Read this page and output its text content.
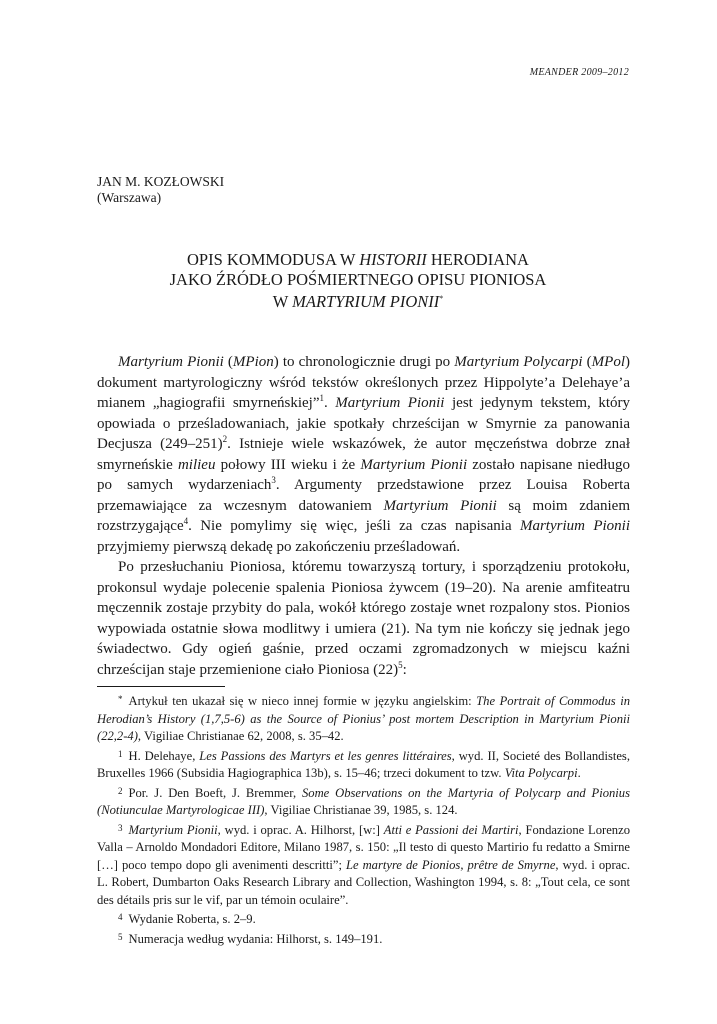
MEANDER 2009–2012
JAN M. KOZŁOWSKI
(Warszawa)
OPIS KOMMODUSA W HISTORII HERODIANA
JAKO ŹRÓDŁO POŚMIERTNEGO OPISU PIONIOSA
W MARTYRIUM PIONII*

Martyrium Pionii (MPion) to chronologicznie drugi po Martyrium Polycarpi (MPol) dokument martyrologiczny wśród tekstów określonych przez Hippolyte’a Delehaye’a mianem „hagiografii smyrneńskiej”$^1$. Martyrium Pionii jest jedynym tekstem, który opowiada o prześladowaniach, jakie spotkały chrześcijan w Smyrnie za panowania Decjusza $(249-251)^2$. Istnieje wiele wskazówek, że autor męczeństwa dobrze znał smyrneńskie milieu połowy III wieku i że Martyrium Pionii zostało napisane niedługo po samych wydarzeniach$^3$. Argumenty przedstawione przez Louisa Roberta przemawiające za wczesnym datowaniem Martyrium Pionii są moim zdaniem rozstrzygające$^4$. Nie pomylimy się więc, jeśli za czas napisania Martyrium Pionii przyjmiemy pierwszą dekadę po zakończeniu prześladowań.

Po przesłuchaniu Pioniosa, któremu towarzyszą tortury, i sporządzeniu protokołu, prokonsul wydaje polecenie spalenia Pioniosa żywcem (19–20). Na arenie amfiteatru męczennik zostaje przybity do pala, wokół którego zostaje wnet rozpalony stos. Pionios wypowiada ostatnie słowa modlitwy i umiera (21). Na tym nie kończy się jednak jego świadectwo. Gdy ogień gaśnie, przed oczami zgromadzonych w miejscu kaźni chrześcijan staje przemienione ciało Pioniosa $(22)^5$:

* Artykuł ten ukazał się w nieco innej formie w języku angielskim: The Portrait of Commodus in Herodian’s History (1,7,5-6) as the Source of Pionius’ post mortem Description in Martyrium Pionii (22,2-4), Vigiliae Christianae 62, 2008, s. 35–42.

$^1$ H. Delehaye, Les Passions des Martyrs et les genres littéraires, wyd. II, Societé des Bollandistes, Bruxelles 1966 (Subsidia Hagiographica 13b), s. 15–46; trzeci dokument to tzw. Vita Polycarpi.

$^2$ Por. J. Den Boeft, J. Bremmer, Some Observations on the Martyria of Polycarp and Pionius (Notiunculae Martyrologicae III), Vigiliae Christianae 39, 1985, s. 124.

$^3$ Martyrium Pionii, wyd. i oprac. A. Hilhorst, [w:] Atti e Passioni dei Martiri, Fondazione Lorenzo Valla – Arnoldo Mondadori Editore, Milano 1987, s. 150: „Il testo di questo Martirio fu redatto a Smirne […] poco tempo dopo gli avenimenti descritti”; Le martyre de Pionios, prêtre de Smyrne, wyd. i oprac. L. Robert, Dumbarton Oaks Research Library and Collection, Washington 1994, s. 8: „Tout cela, ce sont des détails pris sur le vif, par un témoin oculaire”.

$^4$ Wydanie Roberta, s. 2–9.

$^5$ Numeracja według wydania: Hilhorst, s. 149–191.
